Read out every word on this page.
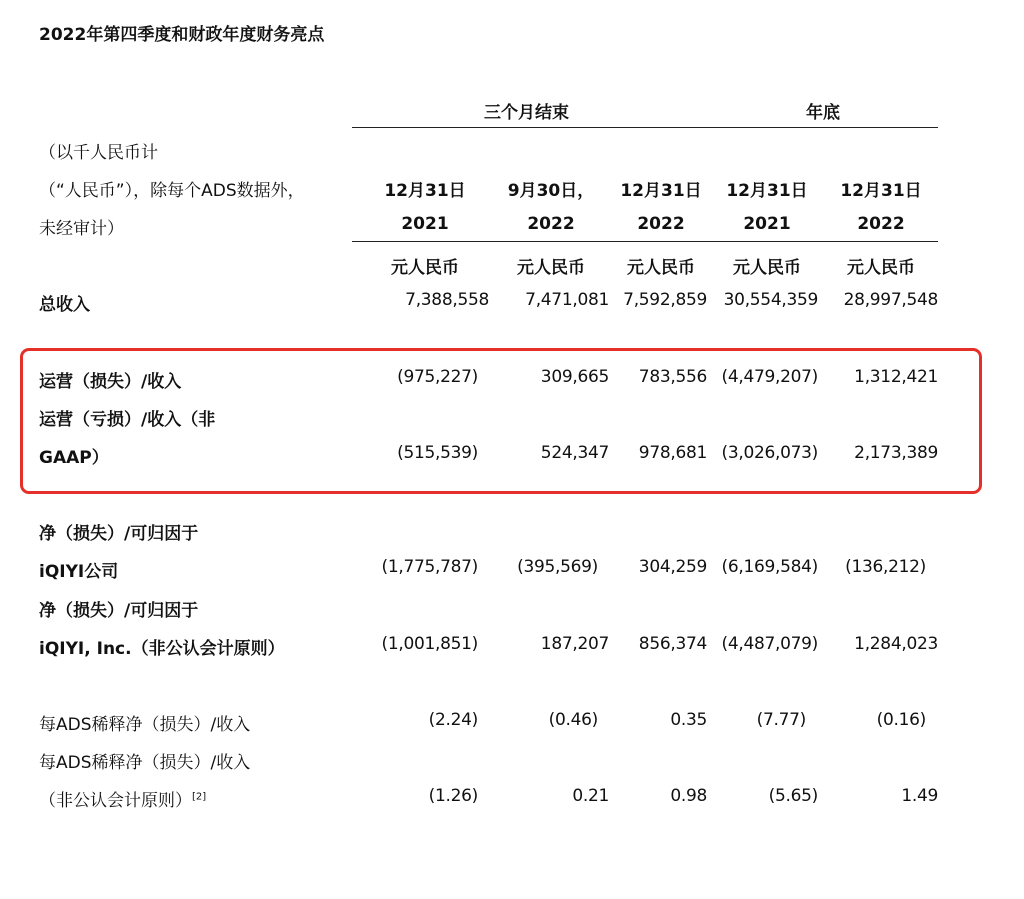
2022年第四季度和财政年度财务亮点
三个月结束	年底
（以千人民币计
（“人民币”），除每个ADS数据外，
未经审计）
12月31日	9月30日，	12月31日	12月31日	12月31日
2021	2022	2022	2021	2022
元人民币	元人民币	元人民币	元人民币	元人民币
总收入	7,388,558 7,471,081 7,592,859 30,554,359 28,997,548
运营（损失）/收入	(975,227)	309,665 783,556 (4,479,207) 1,312,421
运营（亏损）/收入（非
GAAP）	(515,539)	524,347 978,681 (3,026,073) 2,173,389
净（损失）/可归因于
iQIYI公司	(1,775,787) (395,569) 304,259 (6,169,584) (136,212)
净（损失）/可归因于
iQIYI, Inc.（非公认会计原则）	(1,001,851)	187,207 856,374 (4,487,079) 1,284,023
每ADS稀释净（损失）/收入	(2.24)	(0.46)	0.35	(7.77)	(0.16)
每ADS稀释净（损失）/收入
（非公认会计原则）[2]	(1.26)	0.21	0.98	(5.65)	1.49
